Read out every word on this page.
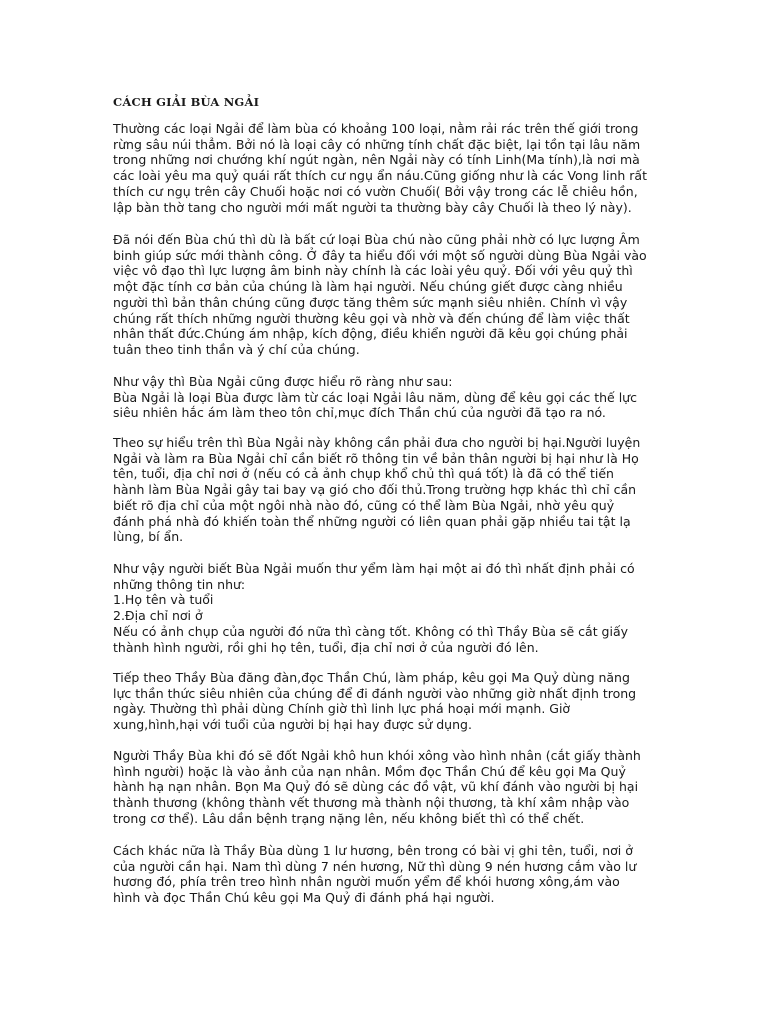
CÁCH GIẢI BÙA NGẢI
Thường các loại Ngải để làm bùa có khoảng 100 loại, nằm rải rác trên thế giới trong
rừng sâu núi thẳm. Bởi nó là loại cây có những tính chất đặc biệt, lại tồn tại lâu năm
trong những nơi chướng khí ngút ngàn, nên Ngải này có tính Linh(Ma tính),là nơi mà
các loài yêu ma quỷ quái rất thích cư ngụ ẩn náu.Cũng giống như là các Vong linh rất
thích cư ngụ trên cây Chuối hoặc nơi có vườn Chuối( Bởi vậy trong các lễ chiêu hồn,
lập bàn thờ tang cho người mới mất người ta thường bày cây Chuối là theo lý này).
Đã nói đến Bùa chú thì dù là bất cứ loại Bùa chú nào cũng phải nhờ có lực lượng Âm
binh giúp sức mới thành công. Ở đây ta hiểu đối với một số người dùng Bùa Ngải vào
việc vô đạo thì lực lượng âm binh này chính là các loài yêu quỷ. Đối với yêu quỷ thì
một đặc tính cơ bản của chúng là làm hại người. Nếu chúng giết được càng nhiều
người thì bản thân chúng cũng được tăng thêm sức mạnh siêu nhiên. Chính vì vậy
chúng rất thích những người thường kêu gọi và nhờ và đến chúng để làm việc thất
nhân thất đức.Chúng ám nhập, kích động, điều khiển người đã kêu gọi chúng phải
tuân theo tinh thần và ý chí của chúng.
Như vậy thì Bùa Ngải cũng được hiểu rõ ràng như sau:
Bùa Ngải là loại Bùa được làm từ các loại Ngải lâu năm, dùng để kêu gọi các thế lực
siêu nhiên hắc ám làm theo tôn chỉ,mục đích Thần chú của người đã tạo ra nó.
Theo sự hiểu trên thì Bùa Ngải này không cần phải đưa cho người bị hại.Người luyện
Ngải và làm ra Bùa Ngải chỉ cần biết rõ thông tin về bản thân người bị hại như là Họ
tên, tuổi, địa chỉ nơi ở (nếu có cả ảnh chụp khổ chủ thì quá tốt) là đã có thể tiến
hành làm Bùa Ngải gây tai bay vạ gió cho đối thủ.Trong trường hợp khác thì chỉ cần
biết rõ địa chỉ của một ngôi nhà nào đó, cũng có thể làm Bùa Ngải, nhờ yêu quỷ
đánh phá nhà đó khiến toàn thể những người có liên quan phải gặp nhiều tai tật lạ
lùng, bí ẩn.
Như vậy người biết Bùa Ngải muốn thư yểm làm hại một ai đó thì nhất định phải có
những thông tin như:
1.Họ tên và tuổi
2.Địa chỉ nơi ở
Nếu có ảnh chụp của người đó nữa thì càng tốt. Không có thì Thầy Bùa sẽ cắt giấy
thành hình người, rồi ghi họ tên, tuổi, địa chỉ nơi ở của người đó lên.
Tiếp theo Thầy Bùa đăng đàn,đọc Thần Chú, làm pháp, kêu gọi Ma Quỷ dùng năng
lực thần thức siêu nhiên của chúng để đi đánh người vào những giờ nhất định trong
ngày. Thường thì phải dùng Chính giờ thì linh lực phá hoại mới mạnh. Giờ
xung,hình,hại với tuổi của người bị hại hay được sử dụng.
Người Thầy Bùa khi đó sẽ đốt Ngải khô hun khói xông vào hình nhân (cắt giấy thành
hình người) hoặc là vào ảnh của nạn nhân. Mồm đọc Thần Chú để kêu gọi Ma Quỷ
hành hạ nạn nhân. Bọn Ma Quỷ đó sẽ dùng các đồ vật, vũ khí đánh vào người bị hại
thành thương (không thành vết thương mà thành nội thương, tà khí xâm nhập vào
trong cơ thể). Lâu dần bệnh trạng nặng lên, nếu không biết thì có thể chết.
Cách khác nữa là Thầy Bùa dùng 1 lư hương, bên trong có bài vị ghi tên, tuổi, nơi ở
của người cần hại. Nam thì dùng 7 nén hương, Nữ thì dùng 9 nén hương cắm vào lư
hương đó, phía trên treo hình nhân người muốn yểm để khói hương xông,ám vào
hình và đọc Thần Chú kêu gọi Ma Quỷ đi đánh phá hại người.
